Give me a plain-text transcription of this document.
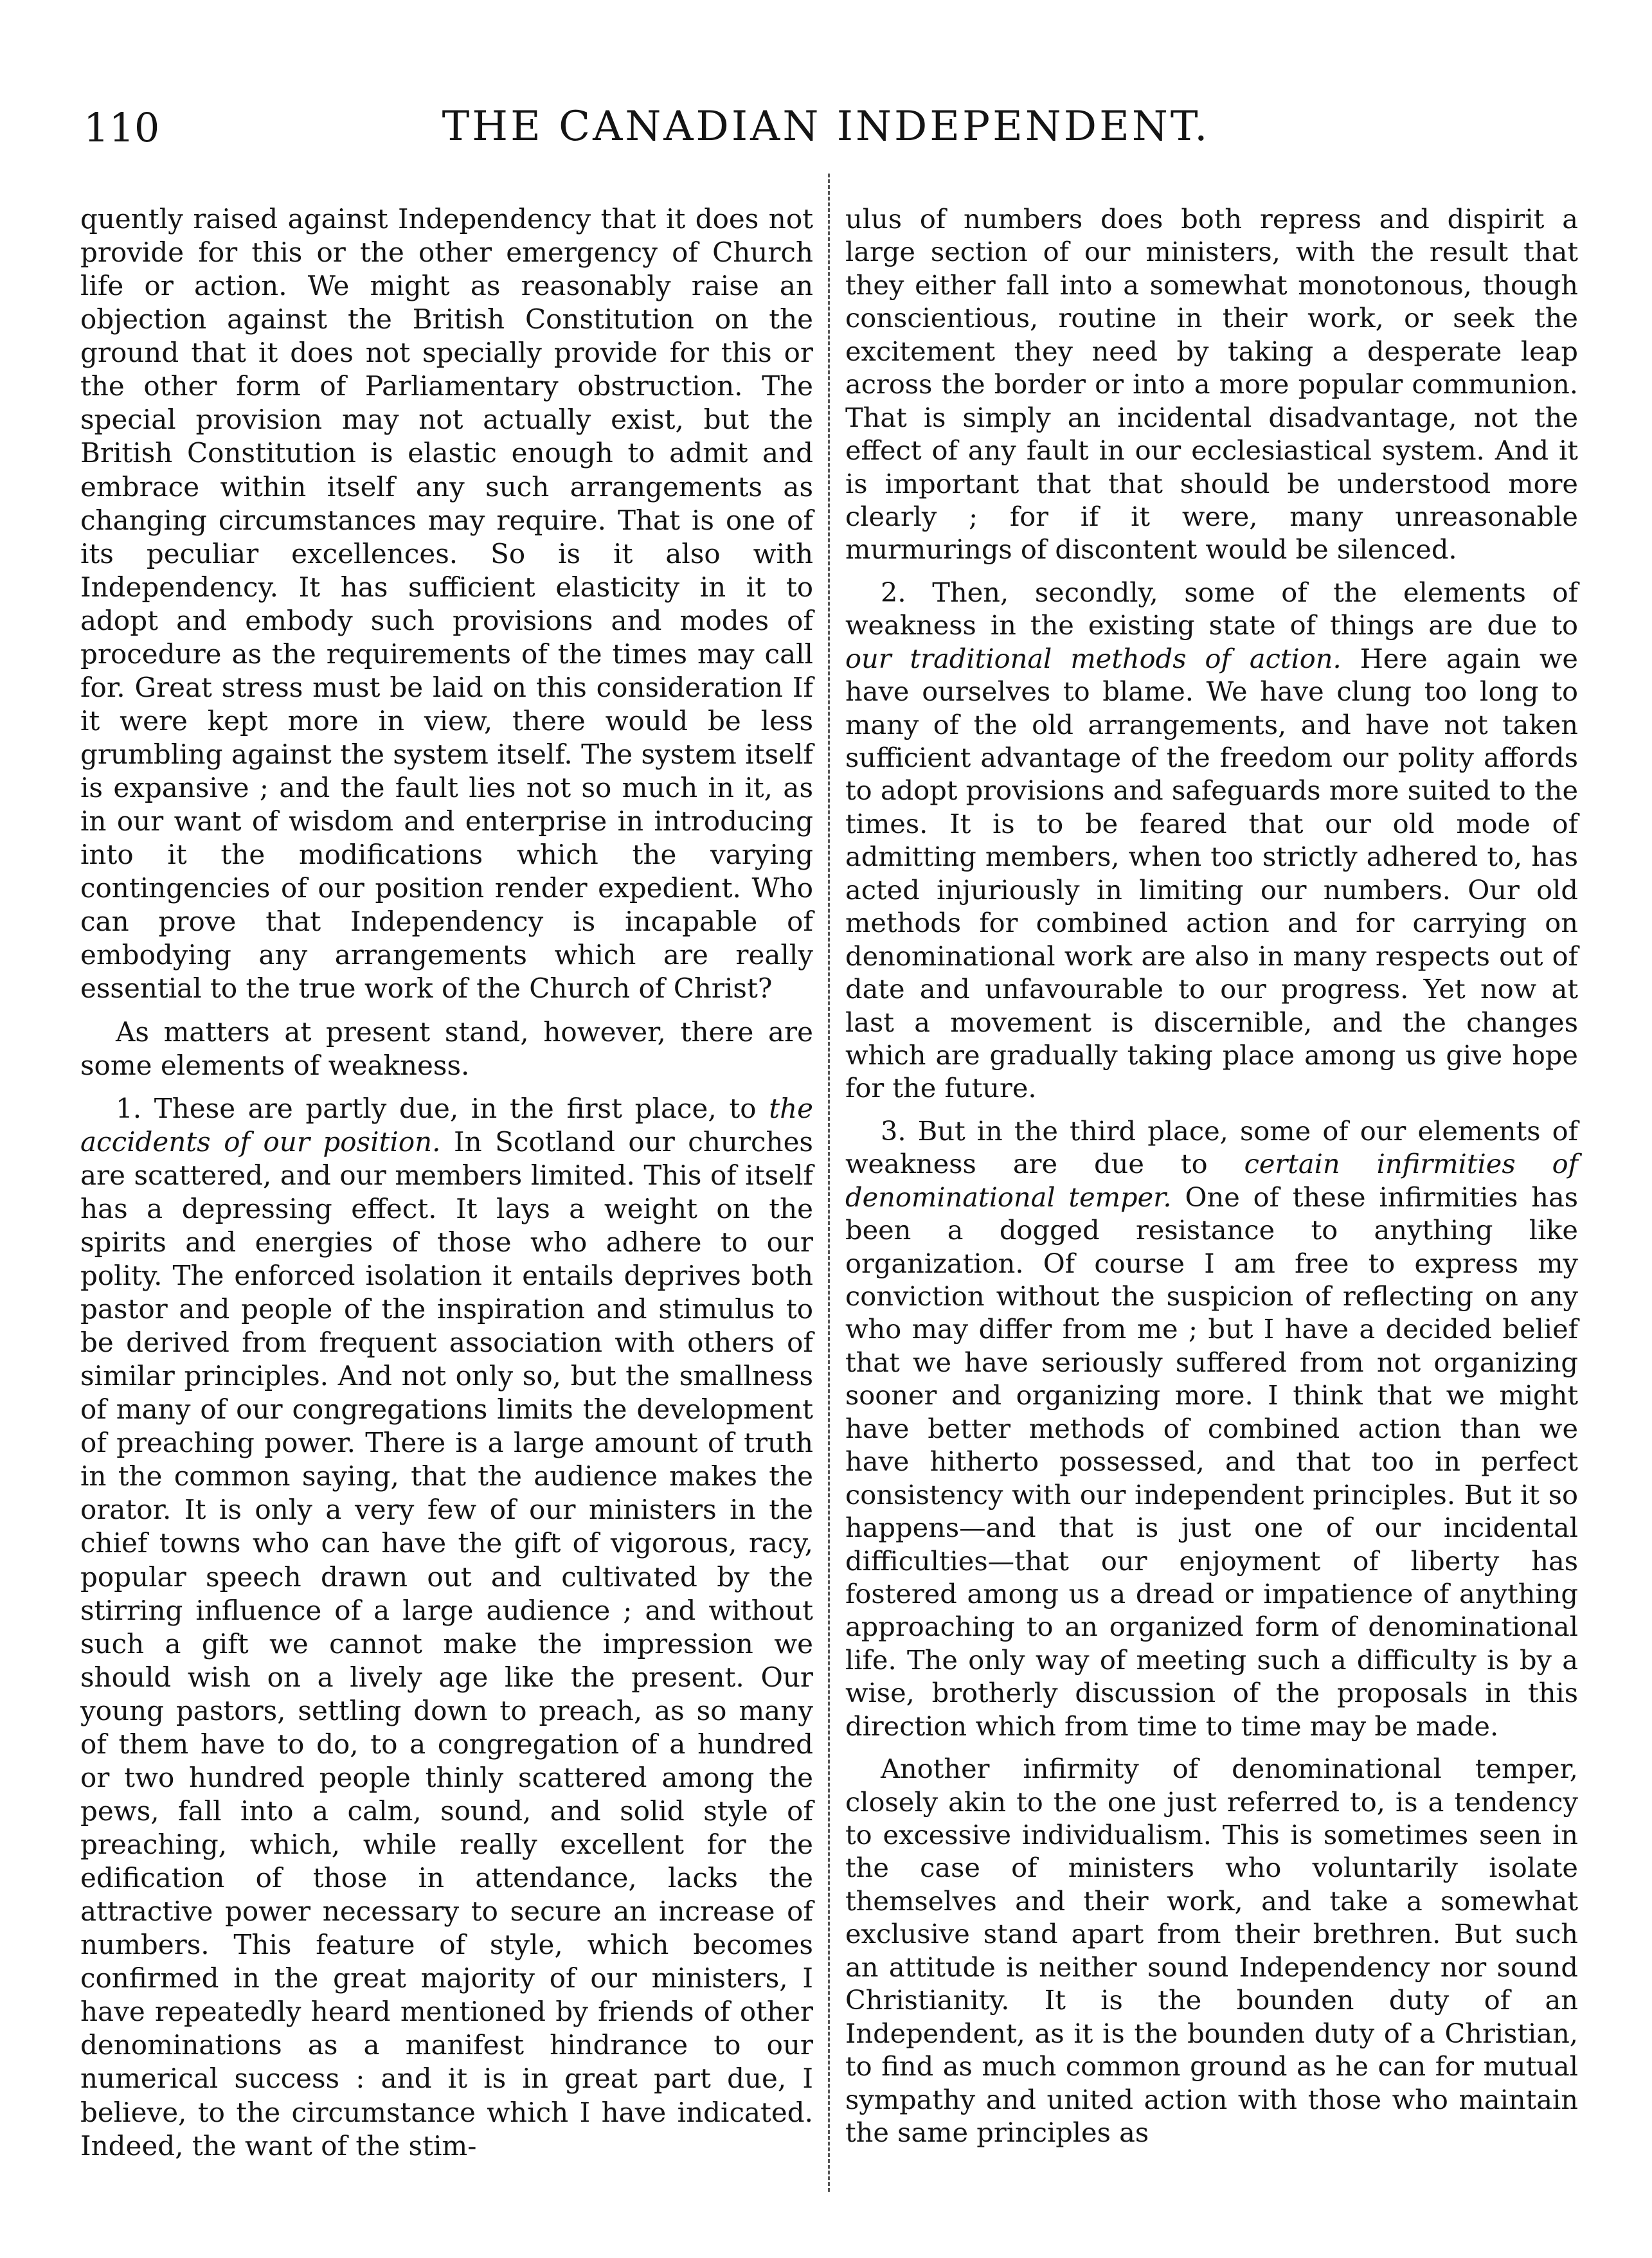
110	THE CANADIAN INDEPENDENT.

quently raised against Independency that it does not provide for this or the other emergency of Church life or action. We might as reasonably raise an objection against the British Constitution on the ground that it does not specially provide for this or the other form of Parliamentary obstruction. The special provision may not actually exist, but the British Constitution is elastic enough to admit and embrace within itself any such arrangements as changing circumstances may require. That is one of its peculiar excellences. So is it also with Independency. It has sufficient elasticity in it to adopt and embody such provisions and modes of procedure as the requirements of the times may call for. Great stress must be laid on this consideration If it were kept more in view, there would be less grumbling against the system itself. The system itself is expansive ; and the fault lies not so much in it, as in our want of wisdom and enterprise in introducing into it the modifications which the varying contingencies of our position render expedient. Who can prove that Independency is incapable of embodying any arrangements which are really essential to the true work of the Church of Christ?

As matters at present stand, however, there are some elements of weakness.

1. These are partly due, in the first place, to the accidents of our position. In Scotland our churches are scattered, and our members limited. This of itself has a depressing effect. It lays a weight on the spirits and energies of those who adhere to our polity. The enforced isolation it entails deprives both pastor and people of the inspiration and stimulus to be derived from frequent association with others of similar principles. And not only so, but the smallness of many of our congregations limits the development of preaching power. There is a large amount of truth in the common saying, that the audience makes the orator. It is only a very few of our ministers in the chief towns who can have the gift of vigorous, racy, popular speech drawn out and cultivated by the stirring influence of a large audience ; and without such a gift we cannot make the impression we should wish on a lively age like the present. Our young pastors, settling down to preach, as so many of them have to do, to a congregation of a hundred or two hundred people thinly scattered among the pews, fall into a calm, sound, and solid style of preaching, which, while really excellent for the edification of those in attendance, lacks the attractive power necessary to secure an increase of numbers. This feature of style, which becomes confirmed in the great majority of our ministers, I have repeatedly heard mentioned by friends of other denominations as a manifest hindrance to our numerical success : and it is in great part due, I believe, to the circumstance which I have indicated. Indeed, the want of the stim-

ulus of numbers does both repress and dispirit a large section of our ministers, with the result that they either fall into a somewhat monotonous, though conscientious, routine in their work, or seek the excitement they need by taking a desperate leap across the border or into a more popular communion. That is simply an incidental disadvantage, not the effect of any fault in our ecclesiastical system. And it is important that that should be understood more clearly ; for if it were, many unreasonable murmurings of discontent would be silenced.

2. Then, secondly, some of the elements of weakness in the existing state of things are due to our traditional methods of action. Here again we have ourselves to blame. We have clung too long to many of the old arrangements, and have not taken sufficient advantage of the freedom our polity affords to adopt provisions and safeguards more suited to the times. It is to be feared that our old mode of admitting members, when too strictly adhered to, has acted injuriously in limiting our numbers. Our old methods for combined action and for carrying on denominational work are also in many respects out of date and unfavourable to our progress. Yet now at last a movement is discernible, and the changes which are gradually taking place among us give hope for the future.

3. But in the third place, some of our elements of weakness are due to certain infirmities of denominational temper. One of these infirmities has been a dogged resistance to anything like organization. Of course I am free to express my conviction without the suspicion of reflecting on any who may differ from me ; but I have a decided belief that we have seriously suffered from not organizing sooner and organizing more. I think that we might have better methods of combined action than we have hitherto possessed, and that too in perfect consistency with our independent principles. But it so happens—and that is just one of our incidental difficulties—that our enjoyment of liberty has fostered among us a dread or impatience of anything approaching to an organized form of denominational life. The only way of meeting such a difficulty is by a wise, brotherly discussion of the proposals in this direction which from time to time may be made.

Another infirmity of denominational temper, closely akin to the one just referred to, is a tendency to excessive individualism. This is sometimes seen in the case of ministers who voluntarily isolate themselves and their work, and take a somewhat exclusive stand apart from their brethren. But such an attitude is neither sound Independency nor sound Christianity. It is the bounden duty of an Independent, as it is the bounden duty of a Christian, to find as much common ground as he can for mutual sympathy and united action with those who maintain the same principles as
